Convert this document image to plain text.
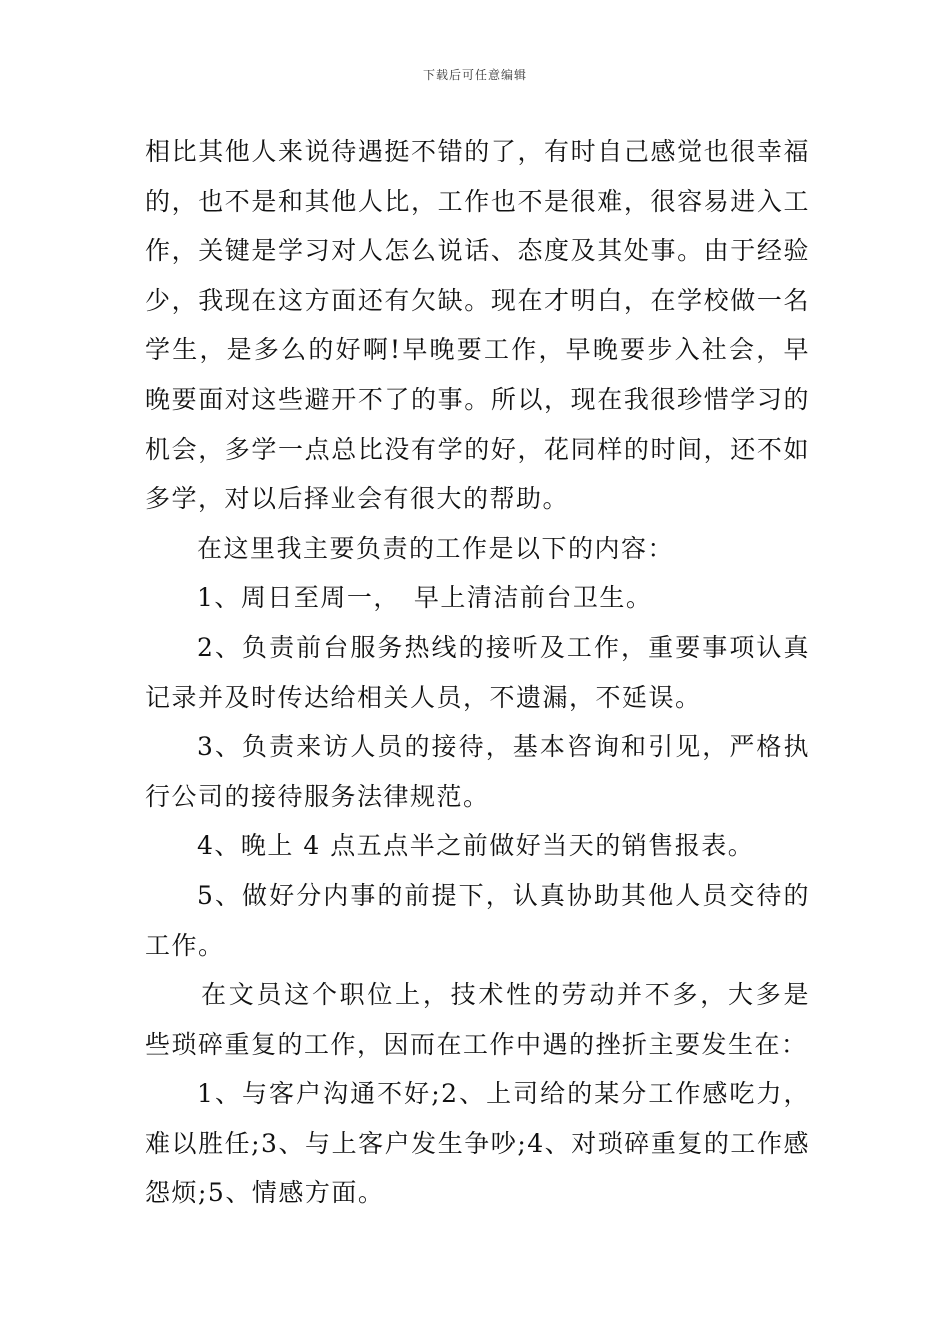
下载后可任意编辑

相比其他人来说待遇挺不错的了，有时自己感觉也很幸福的，也不是和其他人比，工作也不是很难，很容易进入工作，关键是学习对人怎么说话、态度及其处事。由于经验少，我现在这方面还有欠缺。现在才明白，在学校做一名学生，是多么的好啊!早晚要工作，早晚要步入社会，早晚要面对这些避开不了的事。所以，现在我很珍惜学习的机会，多学一点总比没有学的好，花同样的时间，还不如多学，对以后择业会有很大的帮助。

在这里我主要负责的工作是以下的内容：

1、周日至周一，　早上清洁前台卫生。

2、负责前台服务热线的接听及工作，重要事项认真记录并及时传达给相关人员，不遗漏，不延误。

3、负责来访人员的接待，基本咨询和引见，严格执行公司的接待服务法律规范。

4、晚上 4 点五点半之前做好当天的销售报表。

5、做好分内事的前提下，认真协助其他人员交待的工作。

在文员这个职位上，技术性的劳动并不多，大多是些琐碎重复的工作，因而在工作中遇的挫折主要发生在：

1、与客户沟通不好;2、上司给的某分工作感吃力，难以胜任;3、与上客户发生争吵;4、对琐碎重复的工作感怨烦;5、情感方面。
